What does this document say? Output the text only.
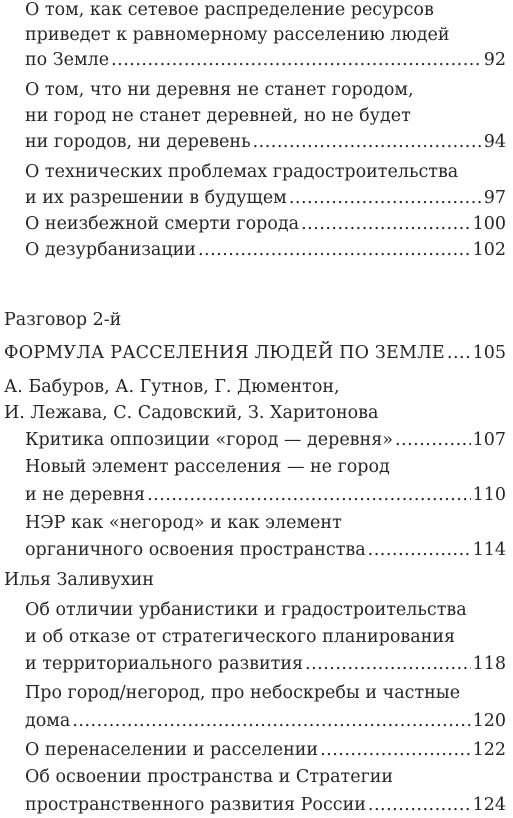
О том, как сетевое распределение ресурсов
приведет к равномерному расселению людей
по Земле .....	92
О том, что ни деревня не станет городом,
ни город не станет деревней, но не будет
ни городов, ни деревень .....	94
О технических проблемах градостроительства
и их разрешении в будущем .....	97
О неизбежной смерти города .....	100
О дезурбанизации .....	102
Разговор 2-й
ФОРМУЛА РАССЕЛЕНИЯ ЛЮДЕЙ ПО ЗЕМЛЕ ..... 105
А. Бабуров, А. Гутнов, Г. Дюментон,
И. Лежава, С. Садовский, З. Харитонова
Критика оппозиции «город — деревня» .....	107
Новый элемент расселения — не город
и не деревня .....	110
НЭР как «негород» и как элемент
органичного освоения пространства .....	114
Илья Заливухин
Об отличии урбанистики и градостроительства
и об отказе от стратегического планирования
и территориального развития .....	118
Про город/негород, про небоскребы и частные
дома .....	120
О перенаселении и расселении .....	122
Об освоении пространства и Стратегии
пространственного развития России .....	124
